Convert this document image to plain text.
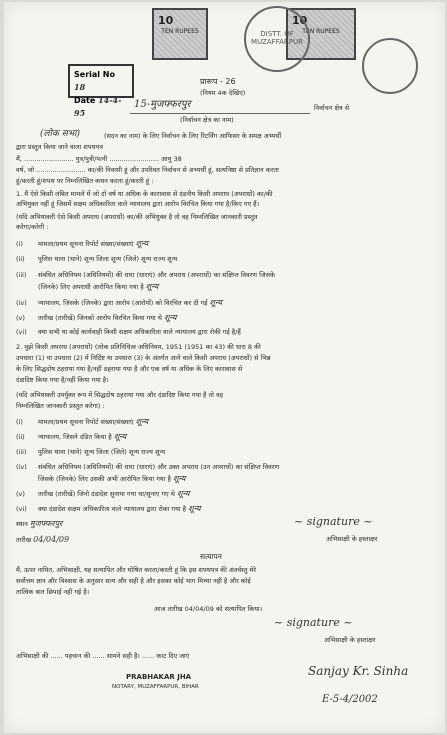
10
TEN RUPEES
10
TEN RUPEES
DISTT. OF MUZAFFARPUR
Serial No 18
Date 14-4-95
प्रारूप - 26
(नियम 4क देखिए)
15-मुजफ्फरपुर	निर्वाचन क्षेत्र से
(निर्वाचन क्षेत्र का नाम)
(लोक सभा)	(सदन का नाम) के लिए निर्वाचन के लिए रिटर्निंग आफिसर के समक्ष अभ्यर्थी
द्वारा प्रस्तुत किया जाने वाला शपथपत्र
मैं, ........................ पुत्र/पुत्री/पत्नी ........................ आयु 38
वर्ष, जो ........................ का/की निवासी हूं और उपरिवत निर्वाचन से अभ्यर्थी हूं, सत्यनिष्ठा से प्रतिज्ञान करता
हूं/करती हूं/शपथ पर निम्नलिखित कथन करता हूं/करती हूं :
1. मैं ऐसे किसी लंबित मामले में जो दो वर्ष या अधिक के कारावास से दंडनीय किसी अपराध (अपराधों) का/की
अभियुक्त नहीं हूं जिसमें सक्षम अधिकारिता वाले न्यायालय द्वारा आरोप विरचित किया गया है/किए गए हैं।
(यदि अभियाक्ती ऐसे किसी अपराध (अपराधों) का/की अभियुक्त है तो वह निम्नलिखित जानकारी प्रस्तुत
करेगा/करेगी :
(i) मामला/प्रथम सूचना रिपोर्ट संख्या/संख्याएं शून्य
(ii) पुलिस थाना (थाने) शून्य जिला शून्य (जिले) शून्य राज्य शून्य
(iii) संबंधित अधिनियम (अधिनियमों) की धारा (धाराएं) और अपराध (अपराधों) का संक्षिप्त विवरण जिसके
(जिनके) लिए अपराधी आरोपित किया गया है शून्य
(iv) न्यायालय, जिसके (जिनके) द्वारा आरोप (आरोपों) को विरचित कर दी गई शून्य
(v) तारीख (तारीखें) जिनको आरोप विरचित किया गया थे शून्य
(vi) क्या सभी या कोई कार्यवाही किसी सक्षम अधिकारिता वाले न्यायालय द्वारा रोकी गई है/हैं
2. मुझे किसी अपराध (अपराधों) (लोक प्रतिनिधित्व अधिनियम, 1951 (1951 का 43) की धारा 8 की
उपधारा (1) या उपधारा (2) में निर्दिष्ट या उपधारा (3) के अंतर्गत आने वाले किसी अपराध (अपराधों) से भिन्न
के लिए सिद्धदोष ठहराया गया है/नहीं ठहराया गया है और एक वर्ष या अधिक के लिए कारावास से
दंडादिष्ट किया गया है/नहीं किया गया है।
(यदि अभियाक्ती उपर्युक्त रूप में सिद्धदोष ठहराया गया और दंडादिष्ट किया गया है तो वह
निम्नलिखित जानकारी प्रस्तुत करेगा) :
(i) मामला/प्रथम सूचना रिपोर्ट संख्या/संख्याएं शून्य
(ii) न्यायालय, जिसने दंडित किया है शून्य
(iii) पुलिस थाना (थाने) शून्य जिला (जिले) शून्य राज्य शून्य
(iv) संबंधित अधिनियम (अधिनियमों) की धारा (धाराएं) और उक्त अपराध (उन अपराधों) का संक्षिप्त विवरण
जिसके (जिनके) लिए उसकी अभी आरोपित किया गया है शून्य
(v) तारीख (तारीखें) जिनो दंडादेश सुनाया गया था/सुनाए गए थे शून्य
(vi) क्या दंडादेश सक्षम अधिकारिता वाले न्यायालय द्वारा रोका गया है शून्य
स्थान मुजफ्फरपुर
तारीख 04/04/09
~ signature ~
अभिसाक्षी के हस्ताक्षर
सत्यापन
मैं, ऊपर नामित, अभिसाक्षी, यह सत्यापित और घोषित करता/करती हूं कि इस शपथपत्र की अंतर्वस्तु मेरे
सर्वोत्तम ज्ञान और विश्वास के अनुसार सत्य और सही है और इसका कोई भाग मिथ्या नहीं है और कोई
तात्विक बात छिपाई नहीं गई है।
आज तारीख 04/04/09 को सत्यापित किया।
~ signature ~
अभिसाक्षी के हस्ताक्षर
अभिसाक्षी की ...... पहचान की ...... सामने सही है। ...... काट दिए जाएं
Sanjay Kr. Sinha
PRABHAKAR JHA
NOTARY, MUZAFFARPUR, BIHAR
E-5-4/2002
